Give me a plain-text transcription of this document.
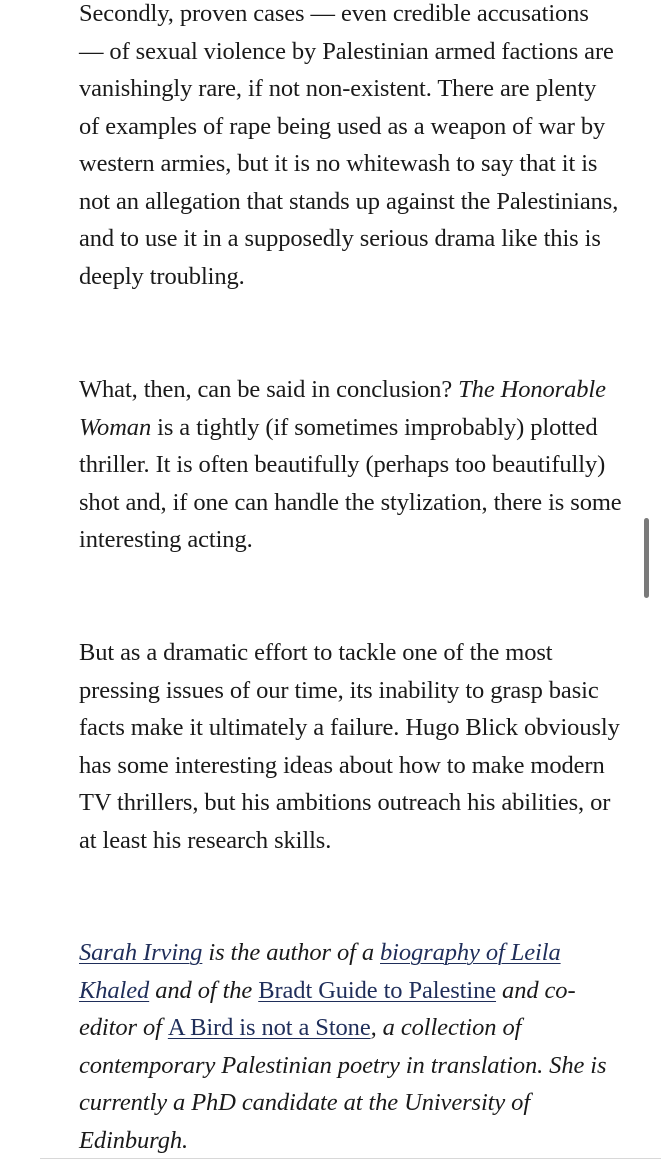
Secondly, proven cases — even credible accusations — of sexual violence by Palestinian armed factions are vanishingly rare, if not non-existent. There are plenty of examples of rape being used as a weapon of war by western armies, but it is no whitewash to say that it is not an allegation that stands up against the Palestinians, and to use it in a supposedly serious drama like this is deeply troubling.

What, then, can be said in conclusion? The Honorable Woman is a tightly (if sometimes improbably) plotted thriller. It is often beautifully (perhaps too beautifully) shot and, if one can handle the stylization, there is some interesting acting.

But as a dramatic effort to tackle one of the most pressing issues of our time, its inability to grasp basic facts make it ultimately a failure. Hugo Blick obviously has some interesting ideas about how to make modern TV thrillers, but his ambitions outreach his abilities, or at least his research skills.

Sarah Irving is the author of a biography of Leila Khaled and of the Bradt Guide to Palestine and co-editor of A Bird is not a Stone, a collection of contemporary Palestinian poetry in translation. She is currently a PhD candidate at the University of Edinburgh.
